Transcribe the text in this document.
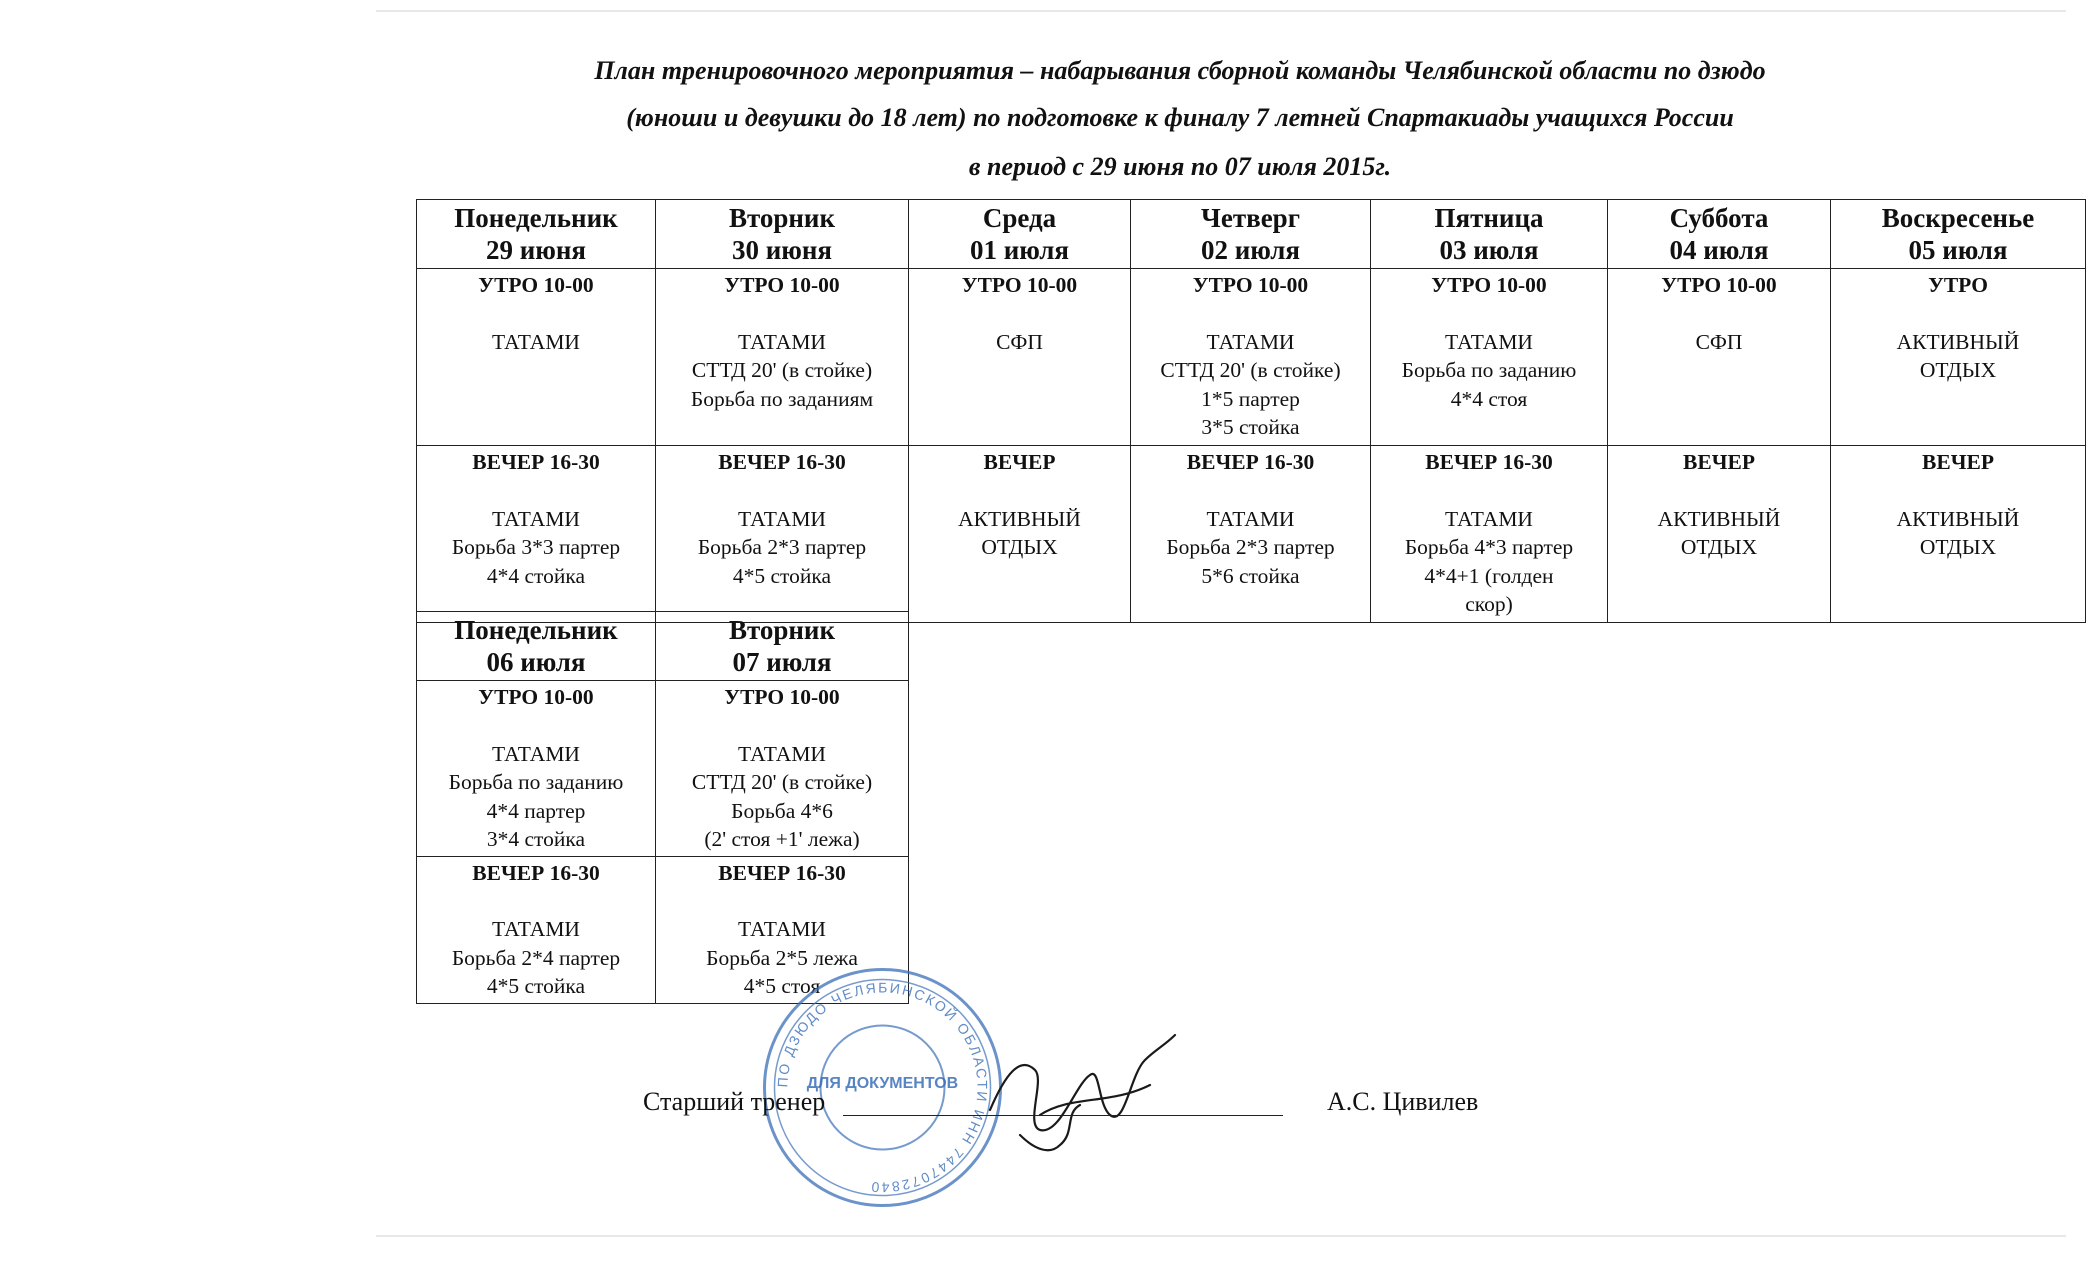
План тренировочного мероприятия – набарывания сборной команды Челябинской области по дзюдо
(юноши и девушки до 18 лет) по подготовке к финалу 7 летней Спартакиады учащихся России
в период с 29 июня по 07 июля 2015г.
Понедельник
29 июня	Вторник
30 июня	Среда
01 июля	Четверг
02 июля	Пятница
03 июля	Суббота
04 июля	Воскресенье
05 июля

УТРО 10-00
ТАТАМИ	УТРО 10-00
ТАТАМИ
СТТД 20' (в стойке)
Борьба по заданиям	УТРО 10-00
СФП	УТРО 10-00
ТАТАМИ
СТТД 20' (в стойке)
1*5 партер
3*5 стойка	УТРО 10-00
ТАТАМИ
Борьба по заданию
4*4 стоя	УТРО 10-00
СФП	УТРО
АКТИВНЫЙ
ОТДЫХ

ВЕЧЕР 16-30
ТАТАМИ
Борьба 3*3 партер
4*4 стойка	ВЕЧЕР 16-30
ТАТАМИ
Борьба 2*3 партер
4*5 стойка	ВЕЧЕР
АКТИВНЫЙ
ОТДЫХ	ВЕЧЕР 16-30
ТАТАМИ
Борьба 2*3 партер
5*6 стойка	ВЕЧЕР 16-30
ТАТАМИ
Борьба 4*3 партер
4*4+1 (голден
скор)	ВЕЧЕР
АКТИВНЫЙ
ОТДЫХ	ВЕЧЕР
АКТИВНЫЙ
ОТДЫХ
Понедельник
06 июля	Вторник
07 июля

УТРО 10-00
ТАТАМИ
Борьба по заданию
4*4 партер
3*4 стойка	УТРО 10-00
ТАТАМИ
СТТД 20' (в стойке)
Борьба 4*6
(2' стоя +1' лежа)

ВЕЧЕР 16-30
ТАТАМИ
Борьба 2*4 партер
4*5 стойка	ВЕЧЕР 16-30
ТАТАМИ
Борьба 2*5 лежа
4*5 стоя
ПО ДЗЮДО ЧЕЛЯБИНСКОЙ ОБЛАСТИ ИНН 7447072840
ДЛЯ ДОКУМЕНТОВ
Старший тренер	А.С. Цивилев
